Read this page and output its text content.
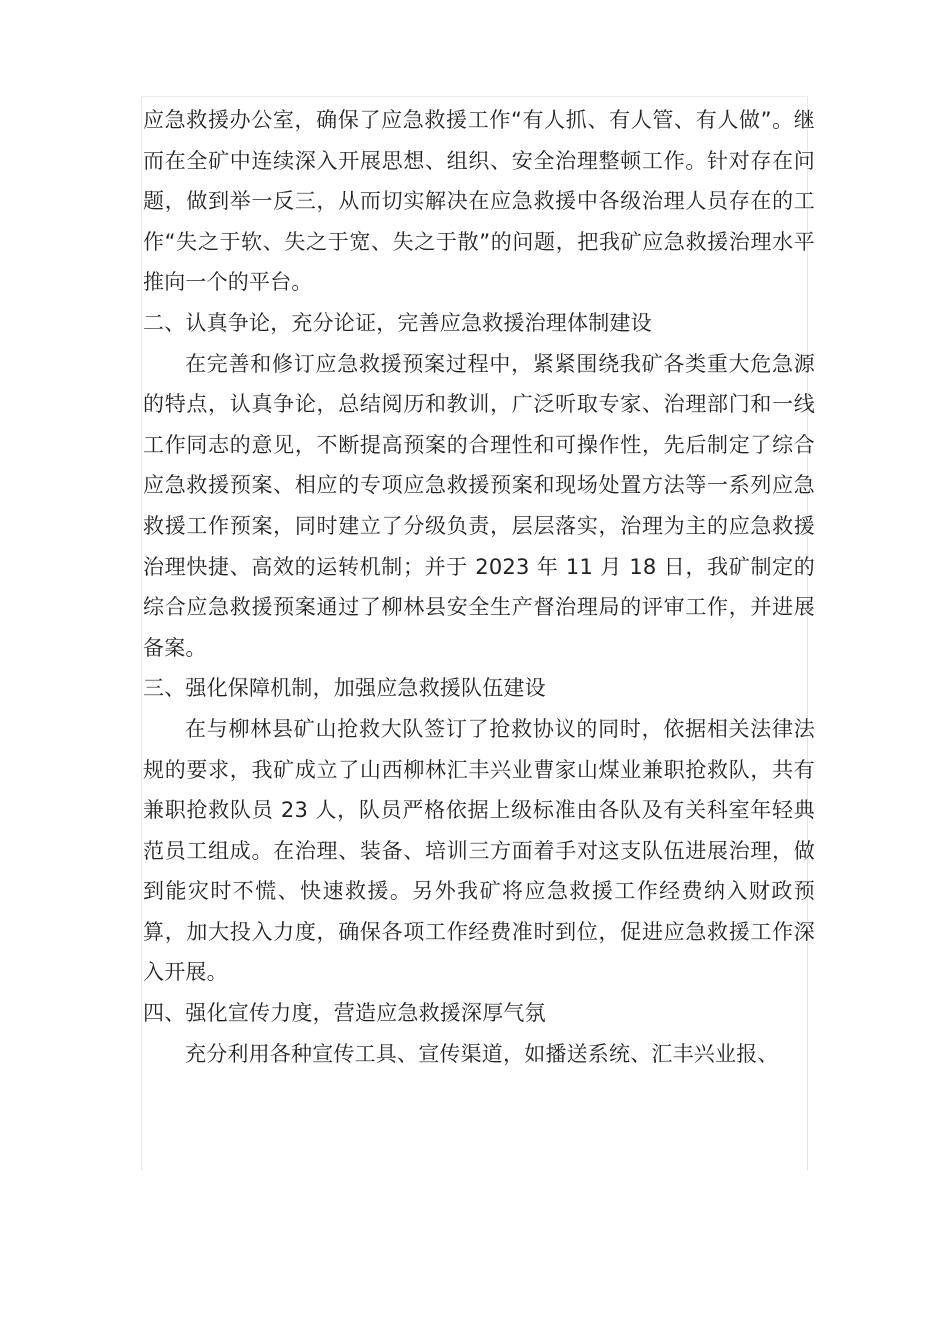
应急救援办公室，确保了应急救援工作“有人抓、有人管、有人做”。继而在全矿中连续深入开展思想、组织、安全治理整顿工作。针对存在问题，做到举一反三，从而切实解决在应急救援中各级治理人员存在的工作“失之于软、失之于宽、失之于散”的问题，把我矿应急救援治理水平推向一个的平台。

二、认真争论，充分论证，完善应急救援治理体制建设

在完善和修订应急救援预案过程中，紧紧围绕我矿各类重大危急源的特点，认真争论，总结阅历和教训，广泛听取专家、治理部门和一线工作同志的意见，不断提高预案的合理性和可操作性，先后制定了综合应急救援预案、相应的专项应急救援预案和现场处置方法等一系列应急救援工作预案，同时建立了分级负责，层层落实，治理为主的应急救援治理快捷、高效的运转机制；并于 2023 年 11 月 18 日，我矿制定的综合应急救援预案通过了柳林县安全生产督治理局的评审工作，并进展备案。

三、强化保障机制，加强应急救援队伍建设

在与柳林县矿山抢救大队签订了抢救协议的同时，依据相关法律法规的要求，我矿成立了山西柳林汇丰兴业曹家山煤业兼职抢救队，共有兼职抢救队员 23 人，队员严格依据上级标准由各队及有关科室年轻典范员工组成。在治理、装备、培训三方面着手对这支队伍进展治理，做到能灾时不慌、快速救援。另外我矿将应急救援工作经费纳入财政预算，加大投入力度，确保各项工作经费准时到位，促进应急救援工作深入开展。

四、强化宣传力度，营造应急救援深厚气氛

充分利用各种宣传工具、宣传渠道，如播送系统、汇丰兴业报、
